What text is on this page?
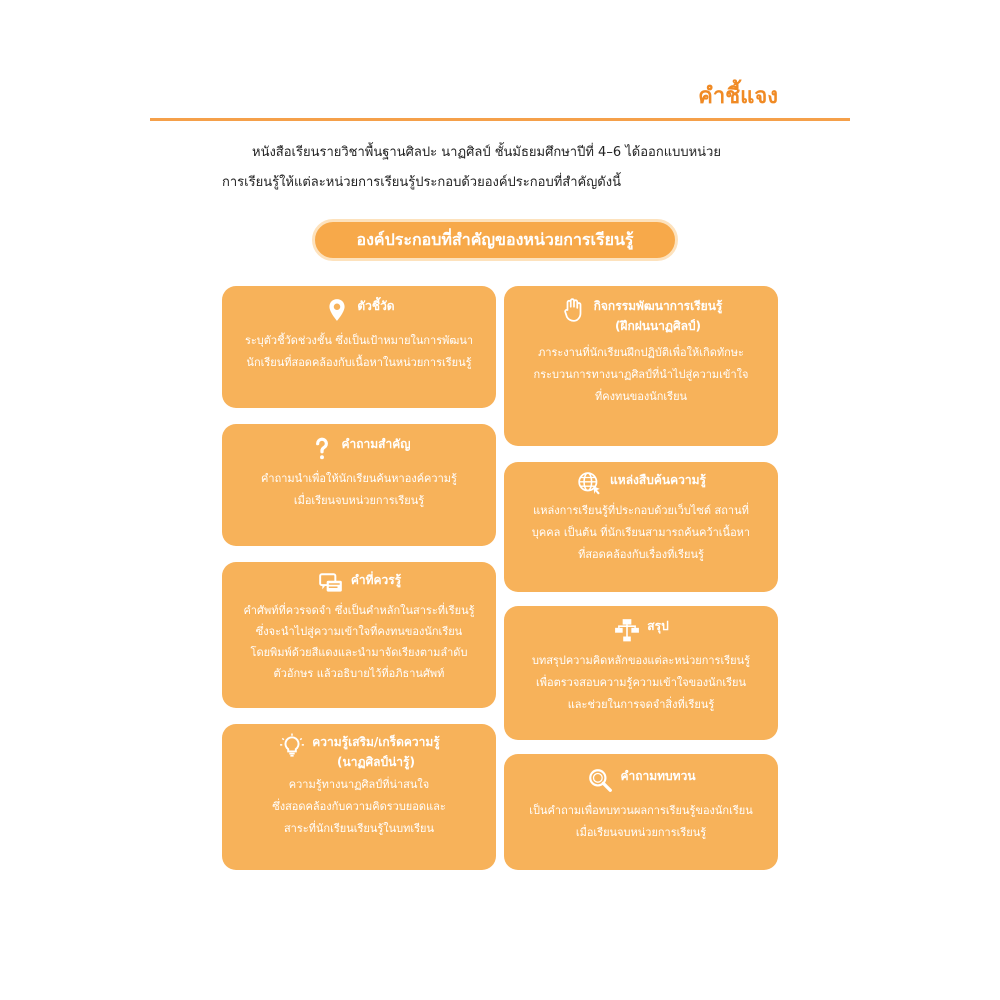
คำชี้แจง
หนังสือเรียนรายวิชาพื้นฐานศิลปะ นาฏศิลป์ ชั้นมัธยมศึกษาปีที่ 4–6 ได้ออกแบบหน่วย
การเรียนรู้ให้แต่ละหน่วยการเรียนรู้ประกอบด้วยองค์ประกอบที่สำคัญดังนี้
องค์ประกอบที่สำคัญของหน่วยการเรียนรู้
ตัวชี้วัด
ระบุตัวชี้วัดช่วงชั้น ซึ่งเป็นเป้าหมายในการพัฒนา
นักเรียนที่สอดคล้องกับเนื้อหาในหน่วยการเรียนรู้
คำถามสำคัญ
คำถามนำเพื่อให้นักเรียนค้นหาองค์ความรู้
เมื่อเรียนจบหน่วยการเรียนรู้
คำที่ควรรู้
คำศัพท์ที่ควรจดจำ ซึ่งเป็นคำหลักในสาระที่เรียนรู้
ซึ่งจะนำไปสู่ความเข้าใจที่คงทนของนักเรียน
โดยพิมพ์ด้วยสีแดงและนำมาจัดเรียงตามลำดับ
ตัวอักษร แล้วอธิบายไว้ที่อภิธานศัพท์
ความรู้เสริม/เกร็ดความรู้
(นาฏศิลป์น่ารู้)
ความรู้ทางนาฏศิลป์ที่น่าสนใจ
ซึ่งสอดคล้องกับความคิดรวบยอดและ
สาระที่นักเรียนเรียนรู้ในบทเรียน
กิจกรรมพัฒนาการเรียนรู้
(ฝึกฝนนาฏศิลป์)
ภาระงานที่นักเรียนฝึกปฏิบัติเพื่อให้เกิดทักษะ
กระบวนการทางนาฏศิลป์ที่นำไปสู่ความเข้าใจ
ที่คงทนของนักเรียน
แหล่งสืบค้นความรู้
แหล่งการเรียนรู้ที่ประกอบด้วยเว็บไซต์ สถานที่
บุคคล เป็นต้น ที่นักเรียนสามารถค้นคว้าเนื้อหา
ที่สอดคล้องกับเรื่องที่เรียนรู้
สรุป
บทสรุปความคิดหลักของแต่ละหน่วยการเรียนรู้
เพื่อตรวจสอบความรู้ความเข้าใจของนักเรียน
และช่วยในการจดจำสิ่งที่เรียนรู้
คำถามทบทวน
เป็นคำถามเพื่อทบทวนผลการเรียนรู้ของนักเรียน
เมื่อเรียนจบหน่วยการเรียนรู้
